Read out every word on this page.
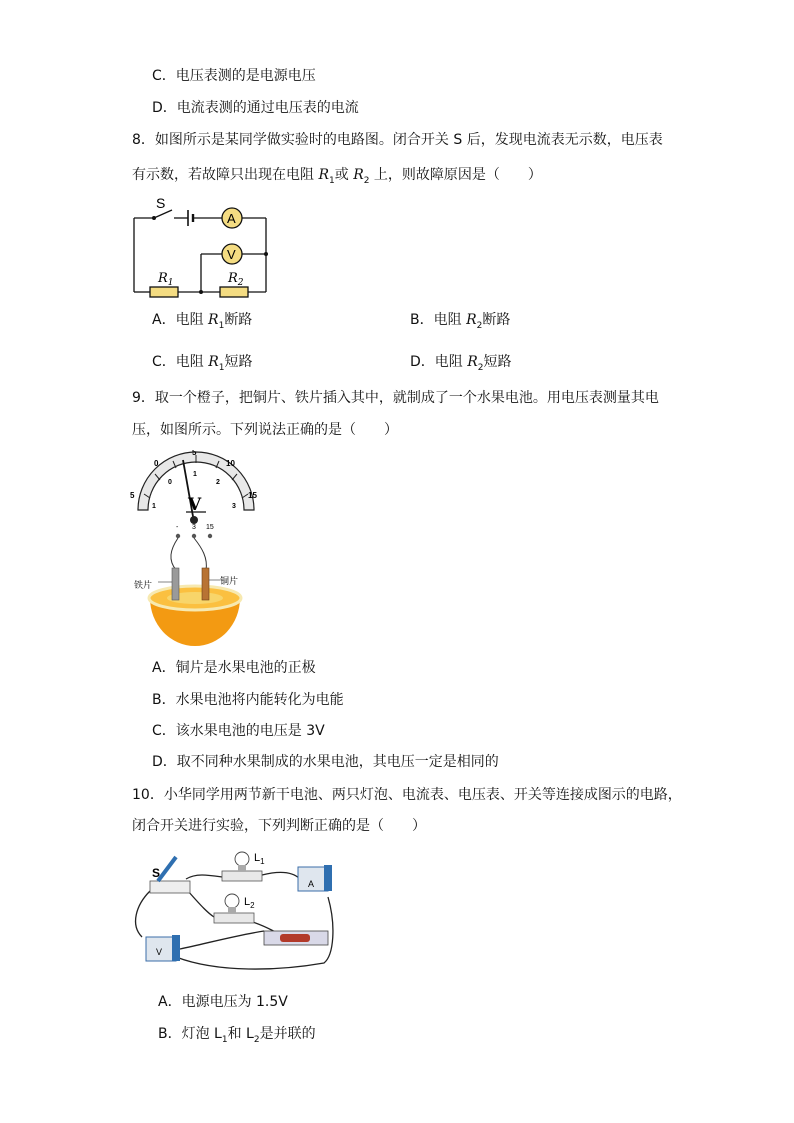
C．电压表测的是电源电压
D．电流表测的通过电压表的电流
8．如图所示是某同学做实验时的电路图。闭合开关 S 后，发现电流表无示数，电压表
有示数，若故障只出现在电阻 $R_1$或 $R_2$ 上，则故障原因是（　　）
S
A
V
$R_1$	$R_2$
A．电阻 $R_1$断路	B．电阻 $R_2$断路
C．电阻 $R_1$短路	D．电阻 $R_2$短路
9．取一个橙子，把铜片、铁片插入其中，就制成了一个水果电池。用电压表测量其电
压，如图所示。下列说法正确的是（　　）
5
0
5
10
15
1
0
1
2
3
V
- 3 15
铁片	铜片
A．铜片是水果电池的正极
B．水果电池将内能转化为电能
C．该水果电池的电压是 3V
D．取不同种水果制成的水果电池，其电压一定是相同的
10．小华同学用两节新干电池、两只灯泡、电流表、电压表、开关等连接成图示的电路，
闭合开关进行实验，下列判断正确的是（　　）
S
$L_1$
$L_2$
A
V
A．电源电压为 1.5V
B．灯泡 $L_1$和 $L_2$是并联的
